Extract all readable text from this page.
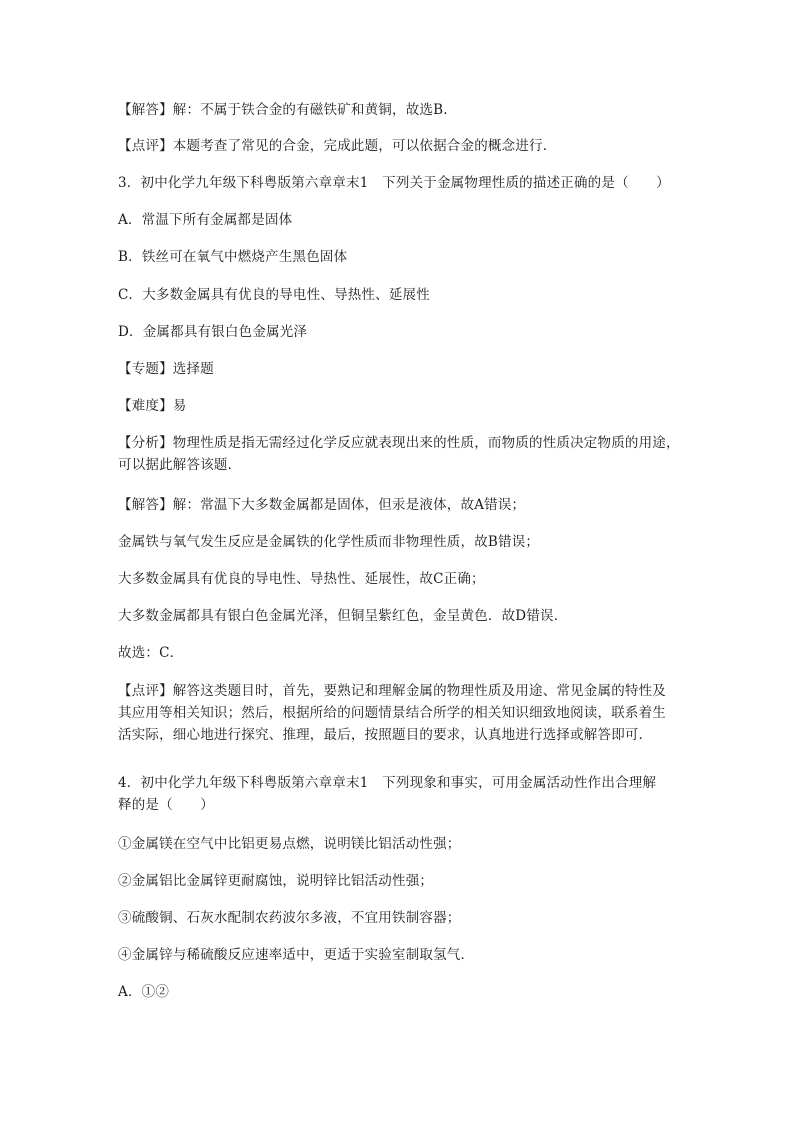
【解答】解：不属于铁合金的有磁铁矿和黄铜，故选B.
【点评】本题考查了常见的合金，完成此题，可以依据合金的概念进行．
3．初中化学九年级下科粤版第六章章末1　下列关于金属物理性质的描述正确的是（　　）
A．常温下所有金属都是固体
B．铁丝可在氧气中燃烧产生黑色固体
C．大多数金属具有优良的导电性、导热性、延展性
D．金属都具有银白色金属光泽
【专题】选择题
【难度】易
【分析】物理性质是指无需经过化学反应就表现出来的性质，而物质的性质决定物质的用途，
可以据此解答该题．
【解答】解：常温下大多数金属都是固体，但汞是液体，故A错误；
金属铁与氧气发生反应是金属铁的化学性质而非物理性质，故B错误；
大多数金属具有优良的导电性、导热性、延展性，故C正确；
大多数金属都具有银白色金属光泽，但铜呈紫红色，金呈黄色．故D错误．
故选：C．
【点评】解答这类题目时，首先，要熟记和理解金属的物理性质及用途、常见金属的特性及
其应用等相关知识；然后，根据所给的问题情景结合所学的相关知识细致地阅读，联系着生
活实际，细心地进行探究、推理，最后，按照题目的要求，认真地进行选择或解答即可．
4．初中化学九年级下科粤版第六章章末1　下列现象和事实，可用金属活动性作出合理解
释的是（　　）
①金属镁在空气中比铝更易点燃，说明镁比铝活动性强；
②金属铝比金属锌更耐腐蚀，说明锌比铝活动性强；
③硫酸铜、石灰水配制农药波尔多液，不宜用铁制容器；
④金属锌与稀硫酸反应速率适中，更适于实验室制取氢气．
A．①②
